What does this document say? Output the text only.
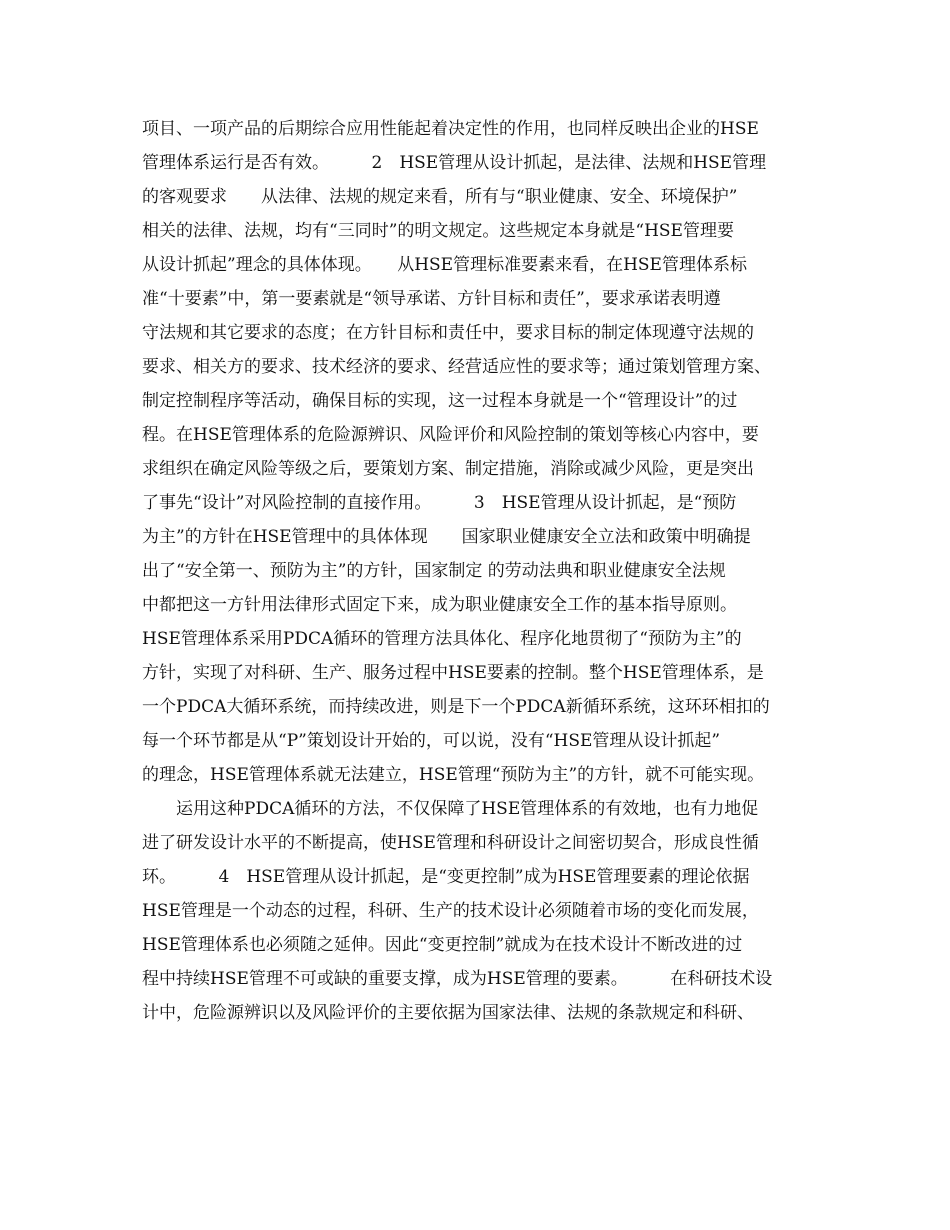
项目、一项产品的后期综合应用性能起着决定性的作用，也同样反映出企业的HSE
管理体系运行是否有效。　　　2　HSE管理从设计抓起，是法律、法规和HSE管理
的客观要求　　从法律、法规的规定来看，所有与“职业健康、安全、环境保护”
相关的法律、法规，均有“三同时”的明文规定。这些规定本身就是“HSE管理要
从设计抓起”理念的具体体现。　　从HSE管理标准要素来看，在HSE管理体系标
准“十要素”中，第一要素就是“领导承诺、方针目标和责任”，要求承诺表明遵
守法规和其它要求的态度；在方针目标和责任中，要求目标的制定体现遵守法规的
要求、相关方的要求、技术经济的要求、经营适应性的要求等；通过策划管理方案、
制定控制程序等活动，确保目标的实现，这一过程本身就是一个“管理设计”的过
程。在HSE管理体系的危险源辨识、风险评价和风险控制的策划等核心内容中，要
求组织在确定风险等级之后，要策划方案、制定措施，消除或减少风险，更是突出
了事先“设计”对风险控制的直接作用。　　　3　HSE管理从设计抓起，是“预防
为主”的方针在HSE管理中的具体体现　　国家职业健康安全立法和政策中明确提
出了“安全第一、预防为主”的方针，国家制定 的劳动法典和职业健康安全法规
中都把这一方针用法律形式固定下来，成为职业健康安全工作的基本指导原则。
HSE管理体系采用PDCA循环的管理方法具体化、程序化地贯彻了“预防为主”的
方针，实现了对科研、生产、服务过程中HSE要素的控制。整个HSE管理体系，是
一个PDCA大循环系统，而持续改进，则是下一个PDCA新循环系统，这环环相扣的
每一个环节都是从“P”策划设计开始的，可以说，没有“HSE管理从设计抓起”
的理念，HSE管理体系就无法建立，HSE管理“预防为主”的方针，就不可能实现。
　　运用这种PDCA循环的方法，不仅保障了HSE管理体系的有效地，也有力地促
进了研发设计水平的不断提高，使HSE管理和科研设计之间密切契合，形成良性循
环。　　　4　HSE管理从设计抓起，是“变更控制”成为HSE管理要素的理论依据
HSE管理是一个动态的过程，科研、生产的技术设计必须随着市场的变化而发展，
HSE管理体系也必须随之延伸。因此“变更控制”就成为在技术设计不断改进的过
程中持续HSE管理不可或缺的重要支撑，成为HSE管理的要素。　　　在科研技术设
计中，危险源辨识以及风险评价的主要依据为国家法律、法规的条款规定和科研、
